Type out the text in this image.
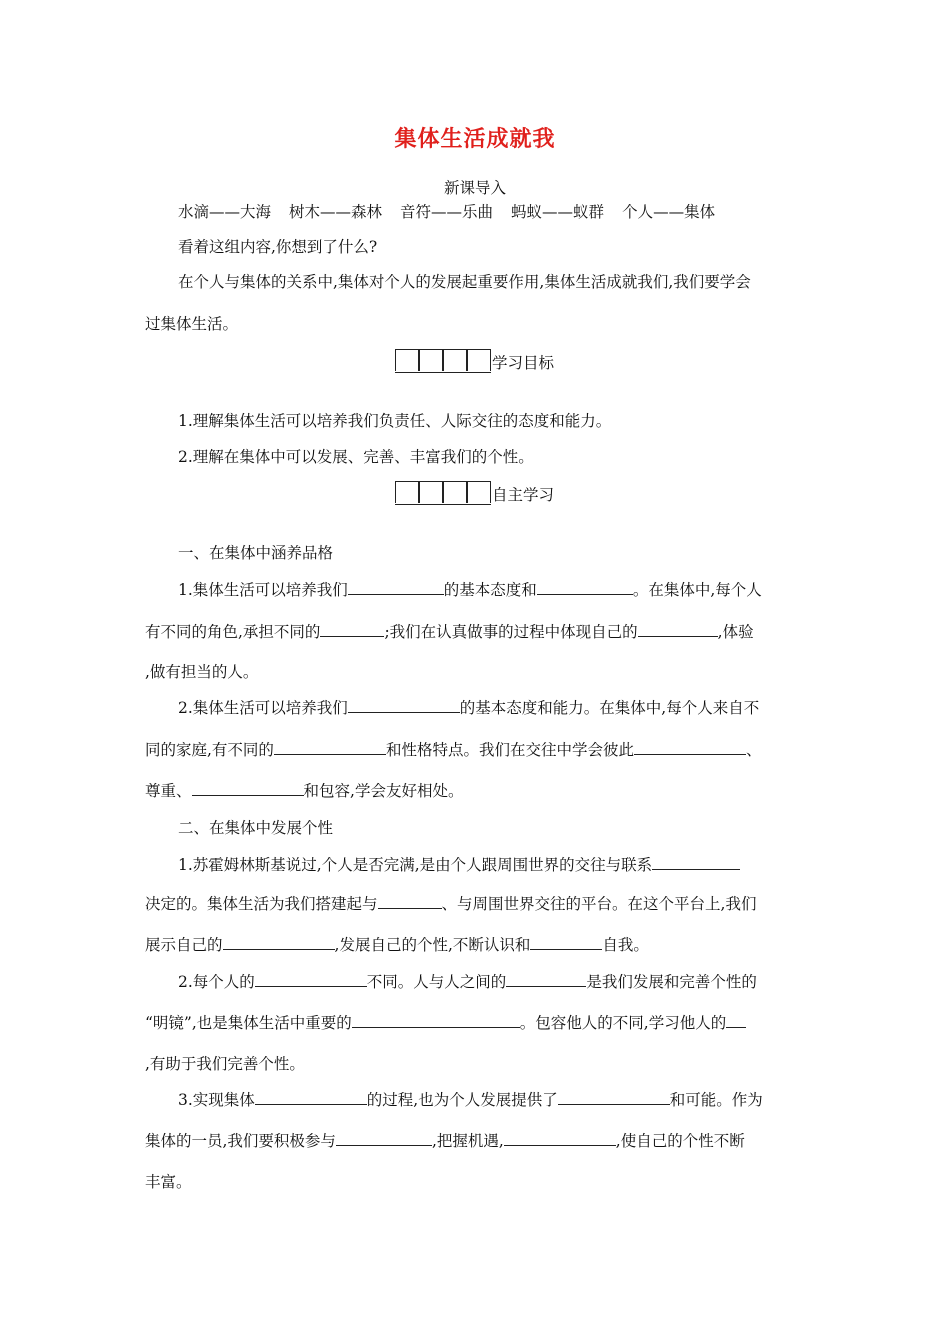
集体生活成就我
新课导入
水滴——大海 树木——森林 音符——乐曲 蚂蚁——蚁群 个人——集体
看着这组内容,你想到了什么?
在个人与集体的关系中,集体对个人的发展起重要作用,集体生活成就我们,我们要学会
过集体生活。
学习目标
1.理解集体生活可以培养我们负责任、人际交往的态度和能力。
2.理解在集体中可以发展、完善、丰富我们的个性。
自主学习
一、在集体中涵养品格
1.集体生活可以培养我们	的基本态度和	。在集体中,每个人
有不同的角色,承担不同的	;我们在认真做事的过程中体现自己的	,体验
,做有担当的人。
2.集体生活可以培养我们	的基本态度和能力。在集体中,每个人来自不
同的家庭,有不同的	和性格特点。我们在交往中学会彼此	、
尊重、	和包容,学会友好相处。
二、在集体中发展个性
1.苏霍姆林斯基说过,个人是否完满,是由个人跟周围世界的交往与联系
决定的。集体生活为我们搭建起与	、与周围世界交往的平台。在这个平台上,我们
展示自己的	,发展自己的个性,不断认识和	自我。
2.每个人的	不同。人与人之间的	是我们发展和完善个性的
“明镜”,也是集体生活中重要的	。包容他人的不同,学习他人的
,有助于我们完善个性。
3.实现集体	的过程,也为个人发展提供了	和可能。作为
集体的一员,我们要积极参与	,把握机遇,	,使自己的个性不断
丰富。
